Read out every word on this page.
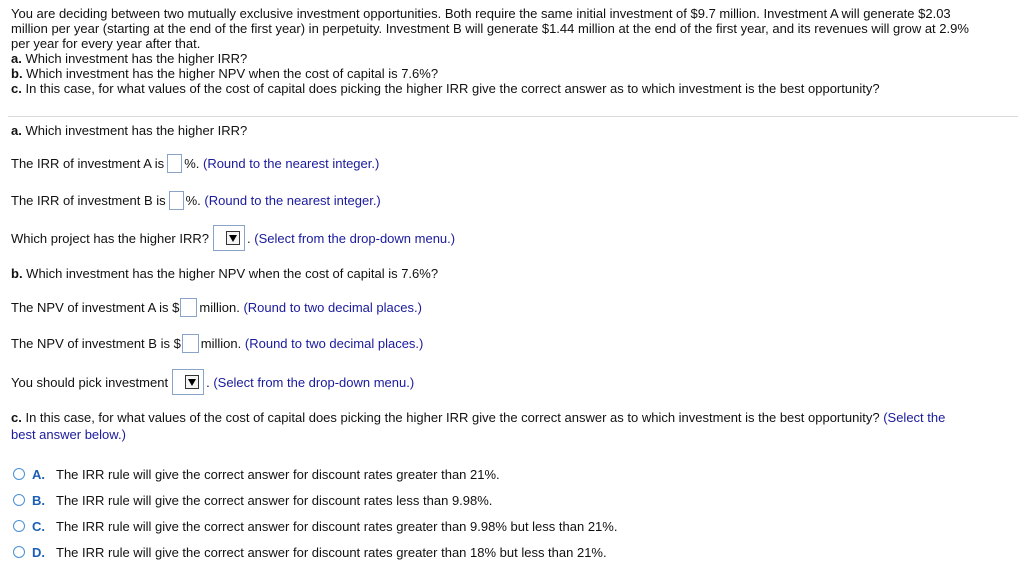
You are deciding between two mutually exclusive investment opportunities. Both require the same initial investment of $9.7 million. Investment A will generate $2.03

million per year (starting at the end of the first year) in perpetuity. Investment B will generate $1.44 million at the end of the first year, and its revenues will grow at 2.9%

per year for every year after that.

a. Which investment has the higher IRR?

b. Which investment has the higher NPV when the cost of capital is 7.6%?

c. In this case, for what values of the cost of capital does picking the higher IRR give the correct answer as to which investment is the best opportunity?

a. Which investment has the higher IRR?
The IRR of investment A is %.
(Round to the nearest integer.)
The IRR of investment B is %.
(Round to the nearest integer.)
Which project has the higher IRR?	.
(Select from the drop-down menu.)
b. Which investment has the higher NPV when the cost of capital is 7.6%?
The NPV of investment A is $ million.
(Round to two decimal places.)
The NPV of investment B is $ million.
(Round to two decimal places.)
You should pick investment	.
(Select from the drop-down menu.)
c. In this case, for what values of the cost of capital does picking the higher IRR give the correct answer as to which investment is the best opportunity? (Select the
best answer below.)
A. The IRR rule will give the correct answer for discount rates greater than 21%.
B. The IRR rule will give the correct answer for discount rates less than 9.98%.
C. The IRR rule will give the correct answer for discount rates greater than 9.98% but less than 21%.
D. The IRR rule will give the correct answer for discount rates greater than 18% but less than 21%.
